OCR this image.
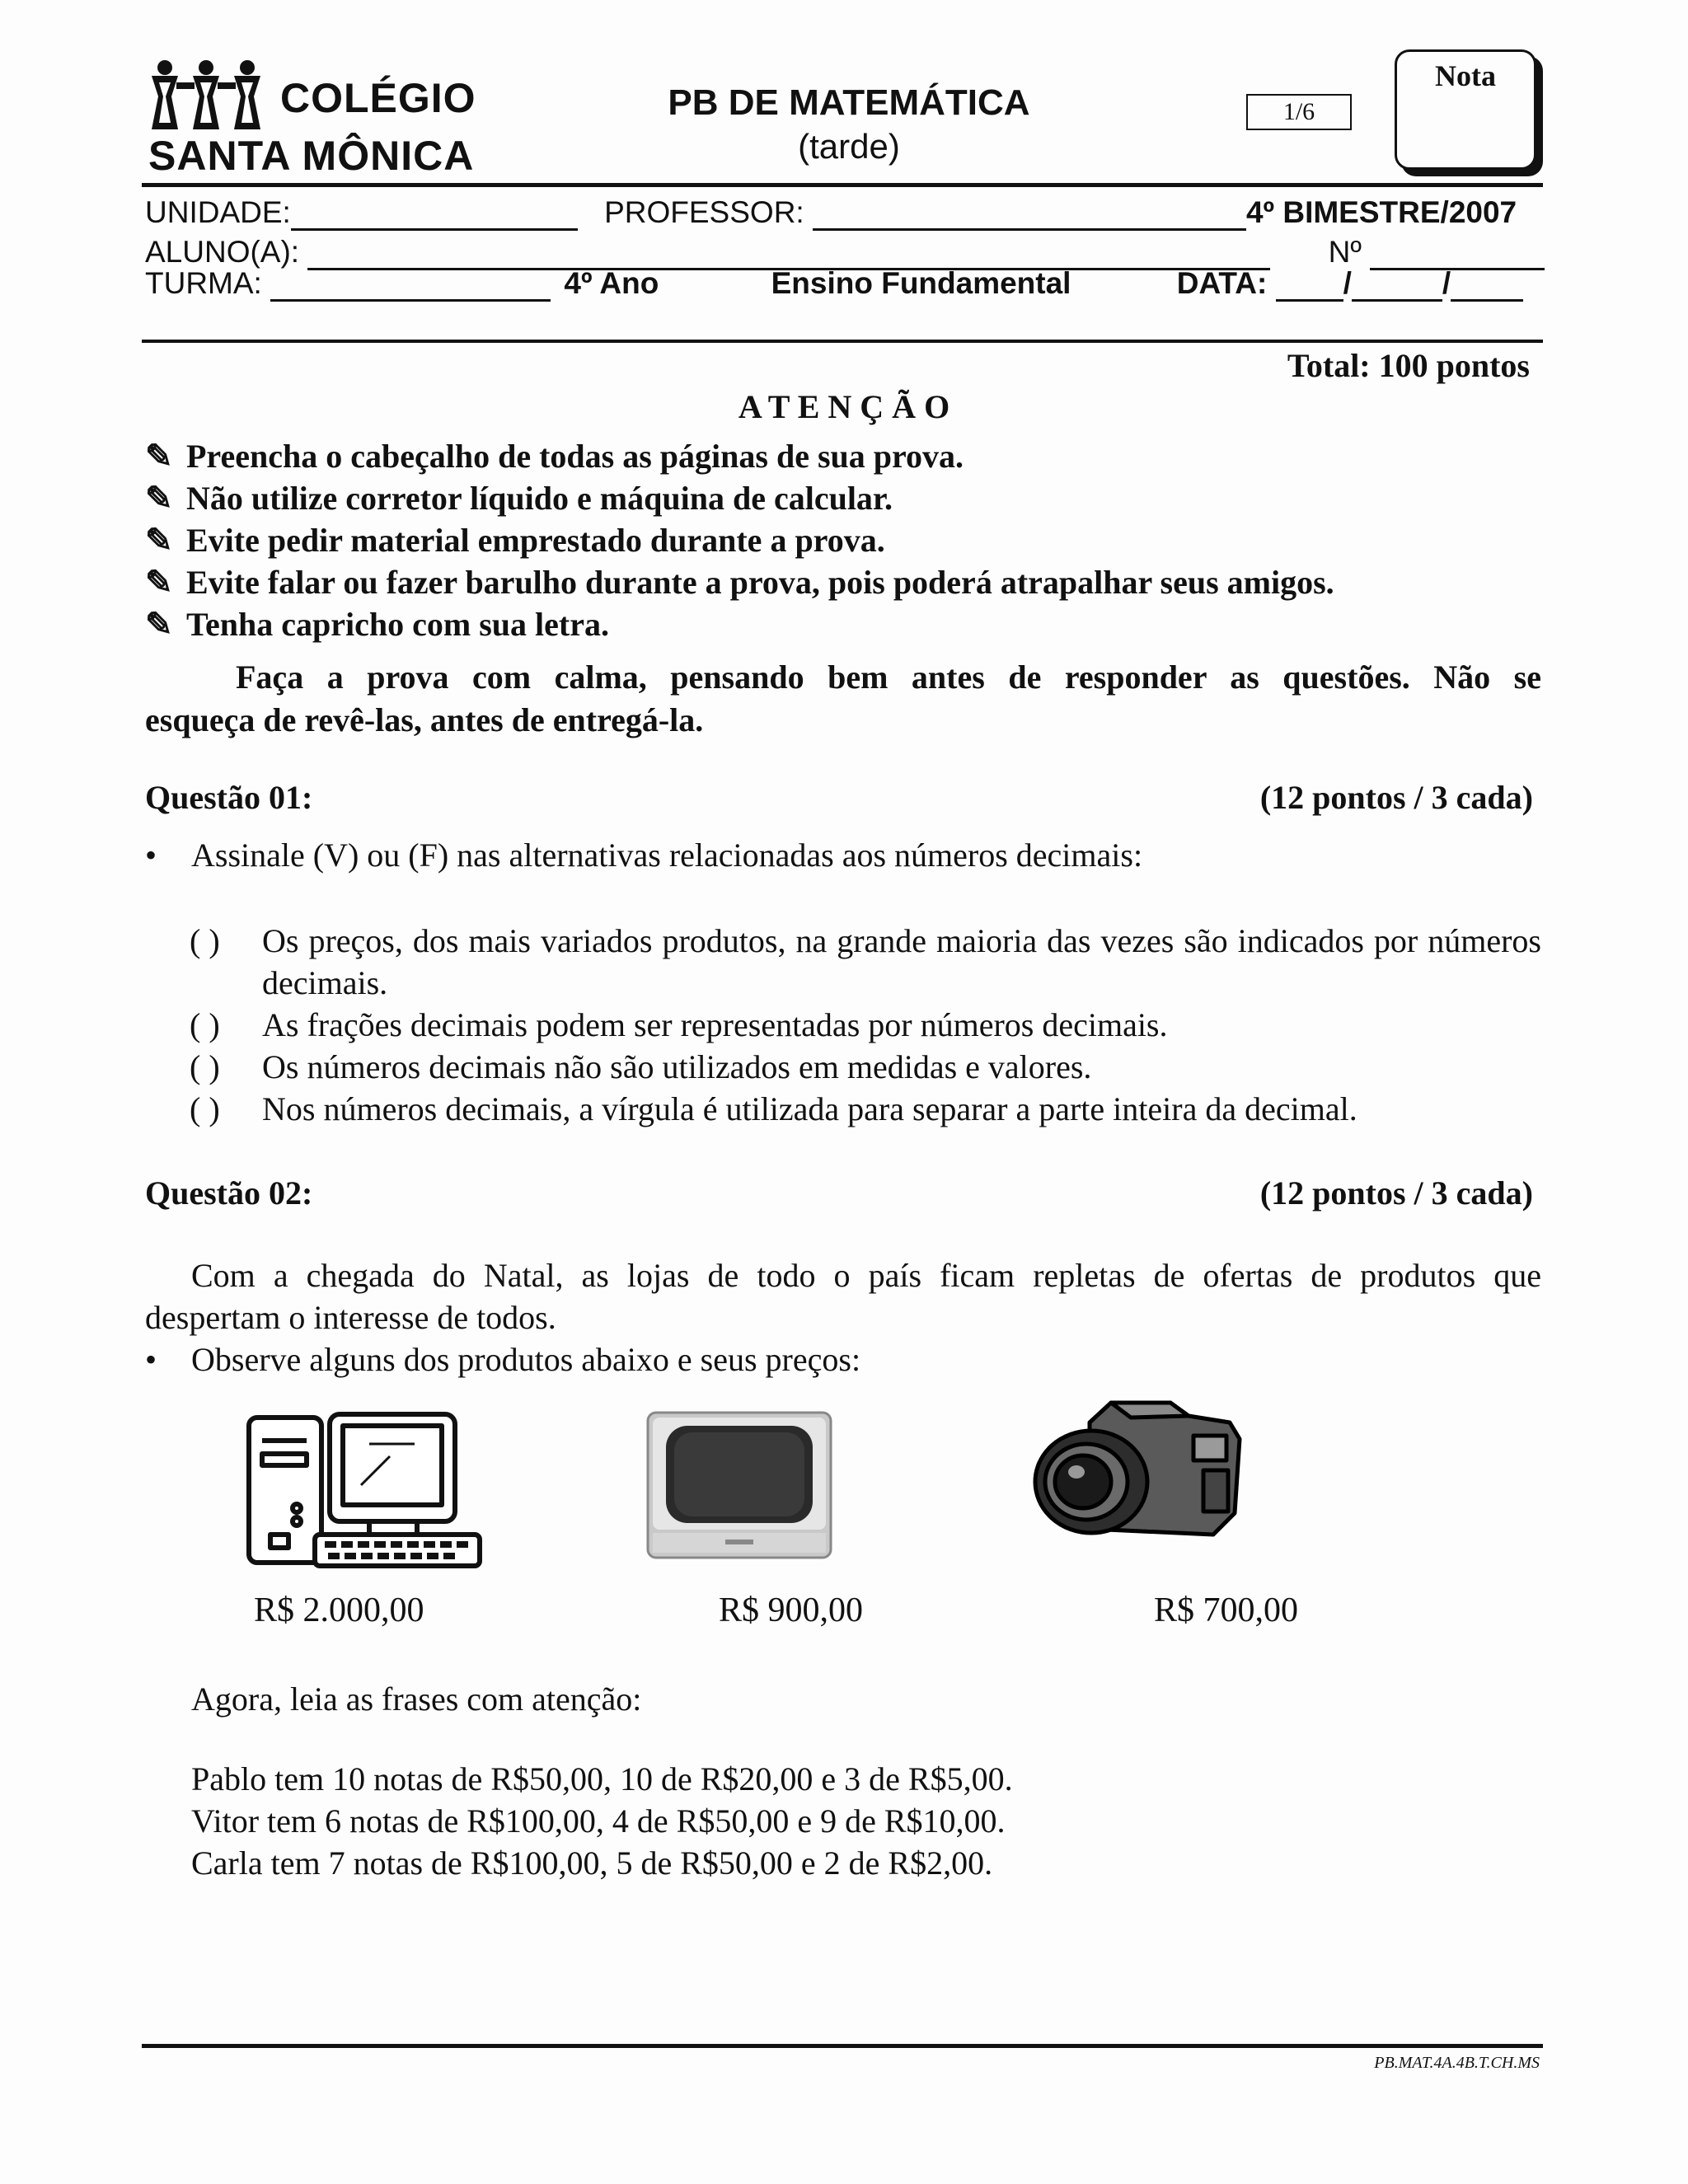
COLÉGIO
SANTA MÔNICA
PB DE MATEMÁTICA
(tarde)
1/6
Nota
UNIDADE:	PROFESSOR:	4º BIMESTRE/2007
ALUNO(A):	Nº
TURMA:	4º Ano	Ensino Fundamental	DATA: /	/
Total: 100 pontos
A T E N Ç Ã O
✎ Preencha o cabeçalho de todas as páginas de sua prova.
✎ Não utilize corretor líquido e máquina de calcular.
✎ Evite pedir material emprestado durante a prova.
✎ Evite falar ou fazer barulho durante a prova, pois poderá atrapalhar seus amigos.
✎ Tenha capricho com sua letra.
Faça a prova com calma, pensando bem antes de responder as questões. Não se
esqueça de revê-las, antes de entregá-la.
Questão 01:	(12 pontos / 3 cada)
• Assinale (V) ou (F) nas alternativas relacionadas aos números decimais:
( ) Os preços, dos mais variados produtos, na grande maioria das vezes são indicados por números decimais.
( ) As frações decimais podem ser representadas por números decimais.
( ) Os números decimais não são utilizados em medidas e valores.
( ) Nos números decimais, a vírgula é utilizada para separar a parte inteira da decimal.
Questão 02:	(12 pontos / 3 cada)
Com a chegada do Natal, as lojas de todo o país ficam repletas de ofertas de produtos que
despertam o interesse de todos.
• Observe alguns dos produtos abaixo e seus preços:
R$ 2.000,00	R$ 900,00	R$ 700,00
Agora, leia as frases com atenção:
Pablo tem 10 notas de R$50,00, 10 de R$20,00 e 3 de R$5,00.
Vitor tem 6 notas de R$100,00, 4 de R$50,00 e 9 de R$10,00.
Carla tem 7 notas de R$100,00, 5 de R$50,00 e 2 de R$2,00.
PB.MAT.4A.4B.T.CH.MS
